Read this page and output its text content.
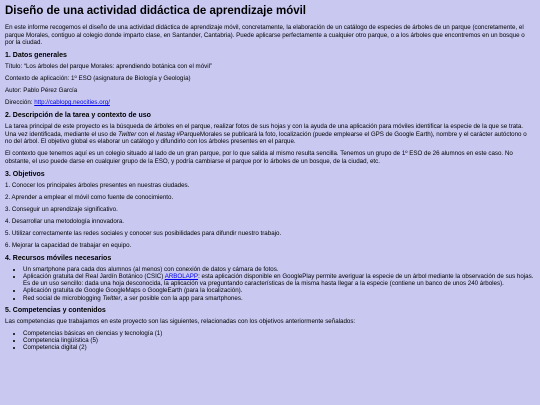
Diseño de una actividad didáctica de aprendizaje móvil

En este informe recogemos el diseño de una actividad didáctica de aprendizaje móvil, concretamente, la elaboración de un catálogo de especies de árboles de un parque (concretamente, el parque Morales, contiguo al colegio donde imparto clase, en Santander, Cantabria). Puede aplicarse perfectamente a cualquier otro parque, o a los árboles que encontremos en un bosque o por la ciudad.

1. Datos generales

Título: “Los árboles del parque Morales: aprendiendo botánica con el móvil”

Contexto de aplicación: 1º ESO (asignatura de Biología y Geología)

Autor: Pablo Pérez García

Dirección: http://cablopg.neocities.org/

2. Descripción de la tarea y contexto de uso

La tarea principal de este proyecto es la búsqueda de árboles en el parque, realizar fotos de sus hojas y con la ayuda de una aplicación para móviles identificar la especie de la que se trata. Una vez identificada, mediante el uso de Twitter con el hastag #ParqueMorales se publicará la foto, localización (puede emplearse el GPS de Google Earth), nombre y el carácter autóctono o no del árbol. El objetivo global es elaborar un catálogo y difundirlo con los árboles presentes en el parque.

El contexto que tenemos aquí es un colegio situado al lado de un gran parque, por lo que salida al mismo resulta sencilla. Tenemos un grupo de 1º ESO de 26 alumnos en este caso. No obstante, el uso puede darse en cualquier grupo de la ESO, y podría cambiarse el parque por lo árboles de un bosque, de la ciudad, etc.

3. Objetivos

1. Conocer los principales árboles presentes en nuestras ciudades.

2. Aprender a emplear el móvil como fuente de conocimiento.

3. Conseguir un aprendizaje significativo.

4. Desarrollar una metodología innovadora.

5. Utilizar correctamente las redes sociales y conocer sus posibilidades para difundir nuestro trabajo.

6. Mejorar la capacidad de trabajar en equipo.

4. Recursos móviles necesarios
• Un smartphone para cada dos alumnos (al menos) con conexión de datos y cámara de fotos.
• Aplicación gratuita del Real Jardín Botánico (CSIC) ARBOLAPP: esta aplicación disponible en GooglePlay permite averiguar la especie de un árbol mediante la observación de sus hojas. Es de un uso sencillo: dada una hoja desconocida, la aplicación va preguntando características de la misma hasta llegar a la especie (contiene un banco de unos 240 árboles).
• Aplicación gratuita de Google GoogleMaps o GoogleEarth (para la localización).
• Red social de microblogging Twitter, a ser posible con la app para smartphones.
5. Competencias y contenidos

Las competencias que trabajamos en este proyecto son las siguientes, relacionadas con los objetivos anteriormente señalados:

• Competencias básicas en ciencias y tecnología (1)
• Competencia lingüística (5)
• Competencia digital (2)
